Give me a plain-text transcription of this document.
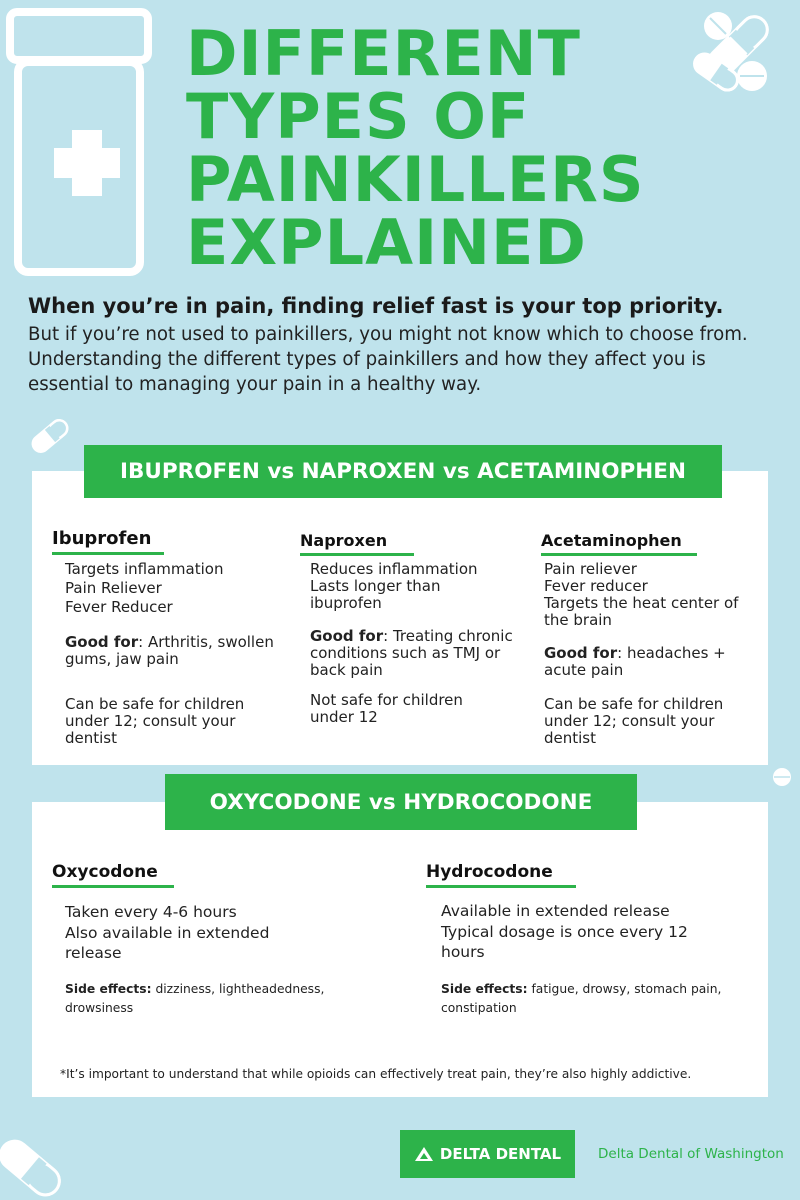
DIFFERENT
TYPES OF
PAINKILLERS
EXPLAINED
When you’re in pain, finding relief fast is your top priority.
But if you’re not used to painkillers, you might not know which to choose from. Understanding the different types of painkillers and how they affect you is essential to managing your pain in a healthy way.
IBUPROFEN vs NAPROXEN vs ACETAMINOPHEN
Ibuprofen
Targets inflammation
Pain Reliever
Fever Reducer
Good for: Arthritis, swollen gums, jaw pain
Can be safe for children under 12; consult your dentist
Naproxen
Reduces inflammation
Lasts longer than ibuprofen
Good for: Treating chronic conditions such as TMJ or back pain
Not safe for children under 12
Acetaminophen
Pain reliever
Fever reducer
Targets the heat center of the brain
Good for: headaches + acute pain
Can be safe for children under 12; consult your dentist
OXYCODONE vs HYDROCODONE
Oxycodone
Taken every 4-6 hours
Also available in extended release
Side effects: dizziness, lightheadedness, drowsiness
Hydrocodone
Available in extended release
Typical dosage is once every 12 hours
Side effects: fatigue, drowsy, stomach pain, constipation
*It’s important to understand that while opioids can effectively treat pain, they’re also highly addictive.
DELTA DENTAL	Delta Dental of Washington
